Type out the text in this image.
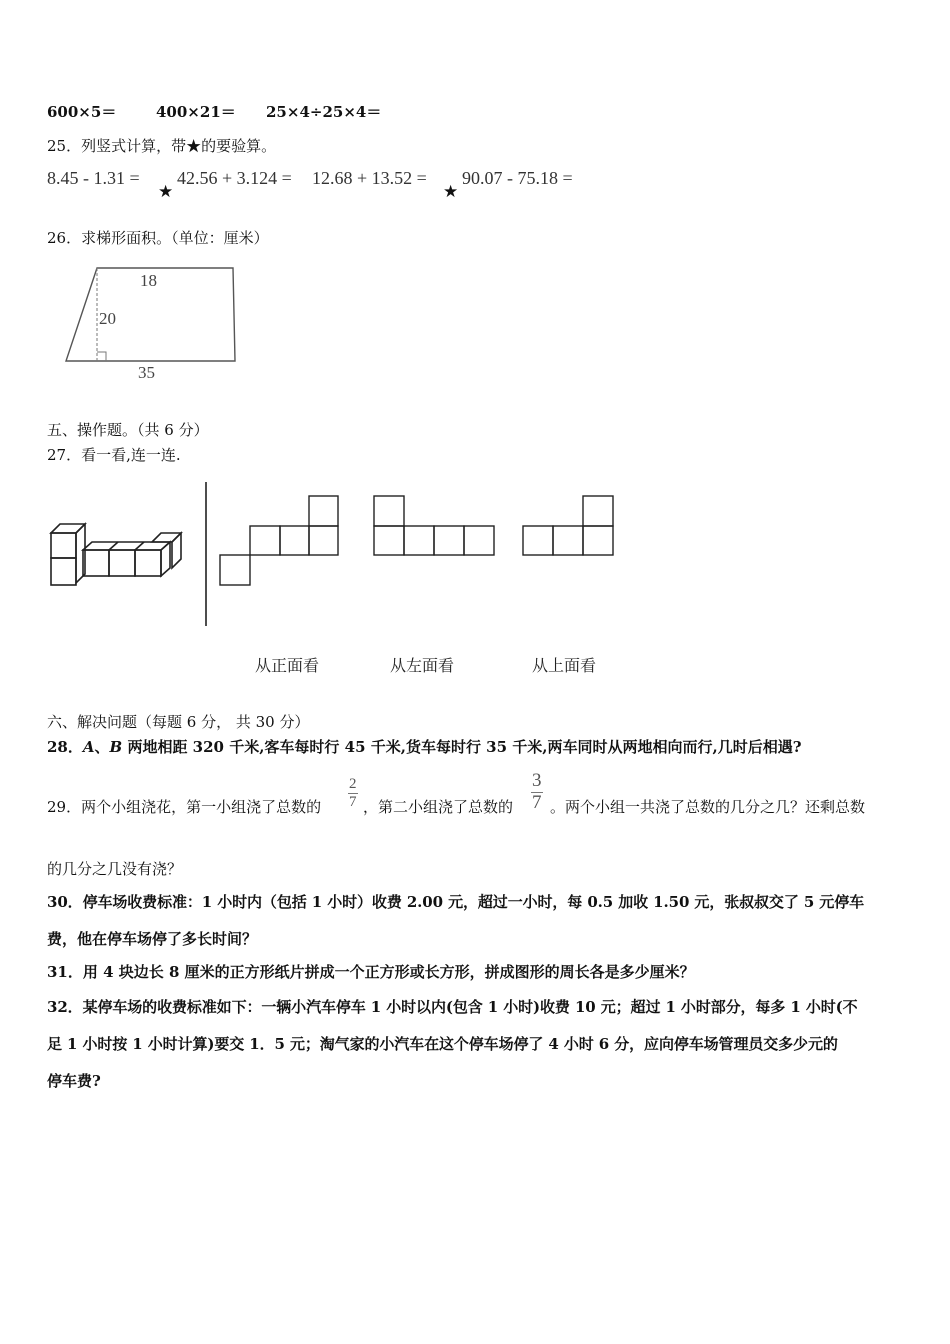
600×5＝	400×21＝ 25×4÷25×4＝
25．列竖式计算，带★的要验算。
8.45 - 1.31 =
★
42.56 + 3.124 = 12.68 + 13.52 =
★
90.07 - 75.18 =
26．求梯形面积。（单位：厘米）
18
20
35
五、操作题。（共 6 分）
27．看一看,连一连.
从正面看	从左面看	从上面看
六、解决问题（每题 6 分， 共 30 分）
28．A、B 两地相距 320 千米,客车每时行 45 千米,货车每时行 35 千米,两车同时从两地相向而行,几时后相遇?
29．两个小组浇花，第一小组浇了总数的 $\frac{2}{7}$ ，第二小组浇了总数的 $\frac{3}{7}$ 。两个小组一共浇了总数的几分之几？还剩总数
的几分之几没有浇？
30．停车场收费标准：1 小时内（包括 1 小时）收费 2.00 元，超过一小时，每 0.5 加收 1.50 元，张叔叔交了 5 元停车
费，他在停车场停了多长时间？
31．用 4 块边长 8 厘米的正方形纸片拼成一个正方形或长方形，拼成图形的周长各是多少厘米？
32．某停车场的收费标准如下：一辆小汽车停车 1 小时以内(包含 1 小时)收费 10 元；超过 1 小时部分，每多 1 小时(不
足 1 小时按 1 小时计算)要交 1．5 元；淘气家的小汽车在这个停车场停了 4 小时 6 分，应向停车场管理员交多少元的
停车费?
